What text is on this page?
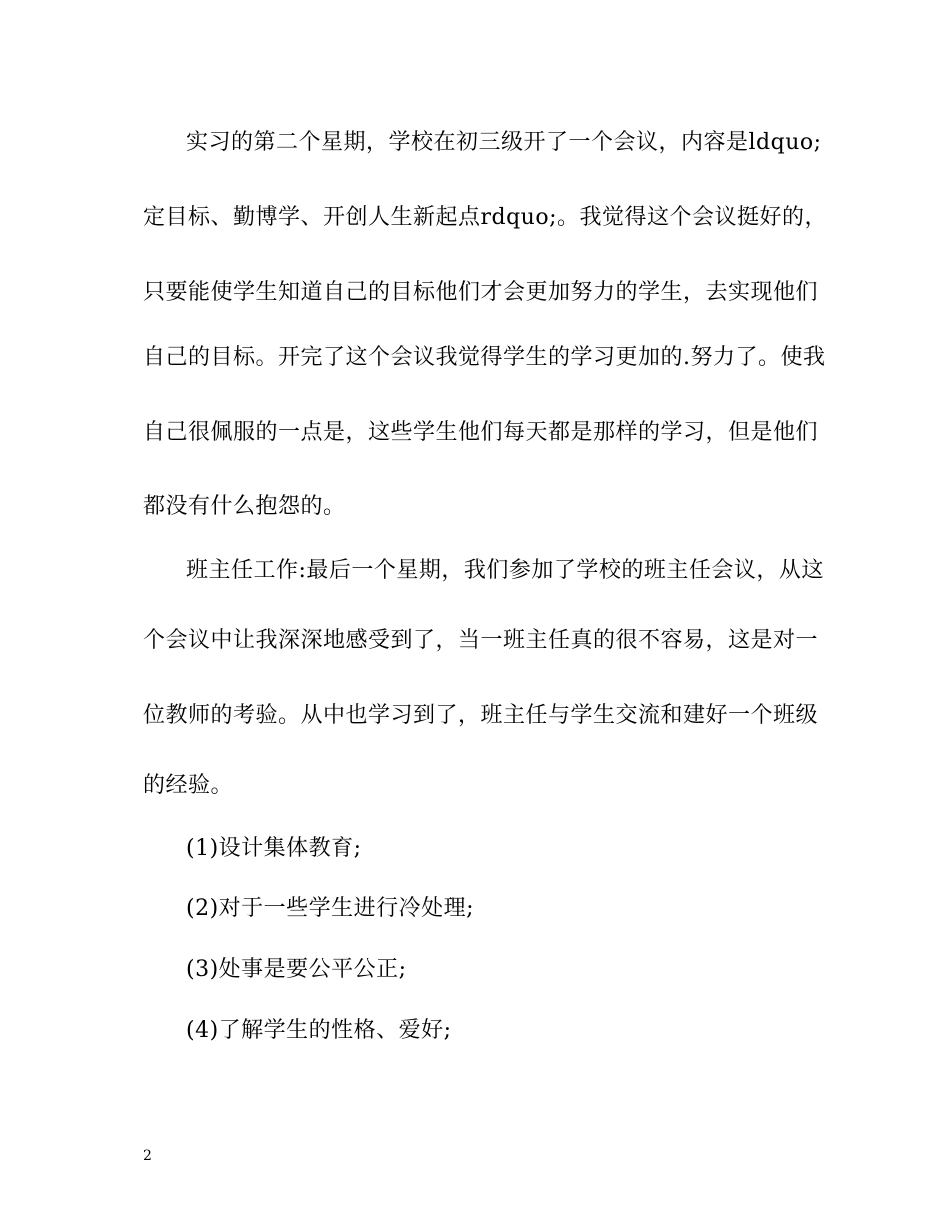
实习的第二个星期，学校在初三级开了一个会议，内容是ldquo;
定目标、勤博学、开创人生新起点rdquo;。我觉得这个会议挺好的，
只要能使学生知道自己的目标他们才会更加努力的学生，去实现他们
自己的目标。开完了这个会议我觉得学生的学习更加的.努力了。使我
自己很佩服的一点是，这些学生他们每天都是那样的学习，但是他们
都没有什么抱怨的。
班主任工作:最后一个星期，我们参加了学校的班主任会议，从这
个会议中让我深深地感受到了，当一班主任真的很不容易，这是对一
位教师的考验。从中也学习到了，班主任与学生交流和建好一个班级
的经验。
(1)设计集体教育;
(2)对于一些学生进行冷处理;
(3)处事是要公平公正;
(4)了解学生的性格、爱好;
2
